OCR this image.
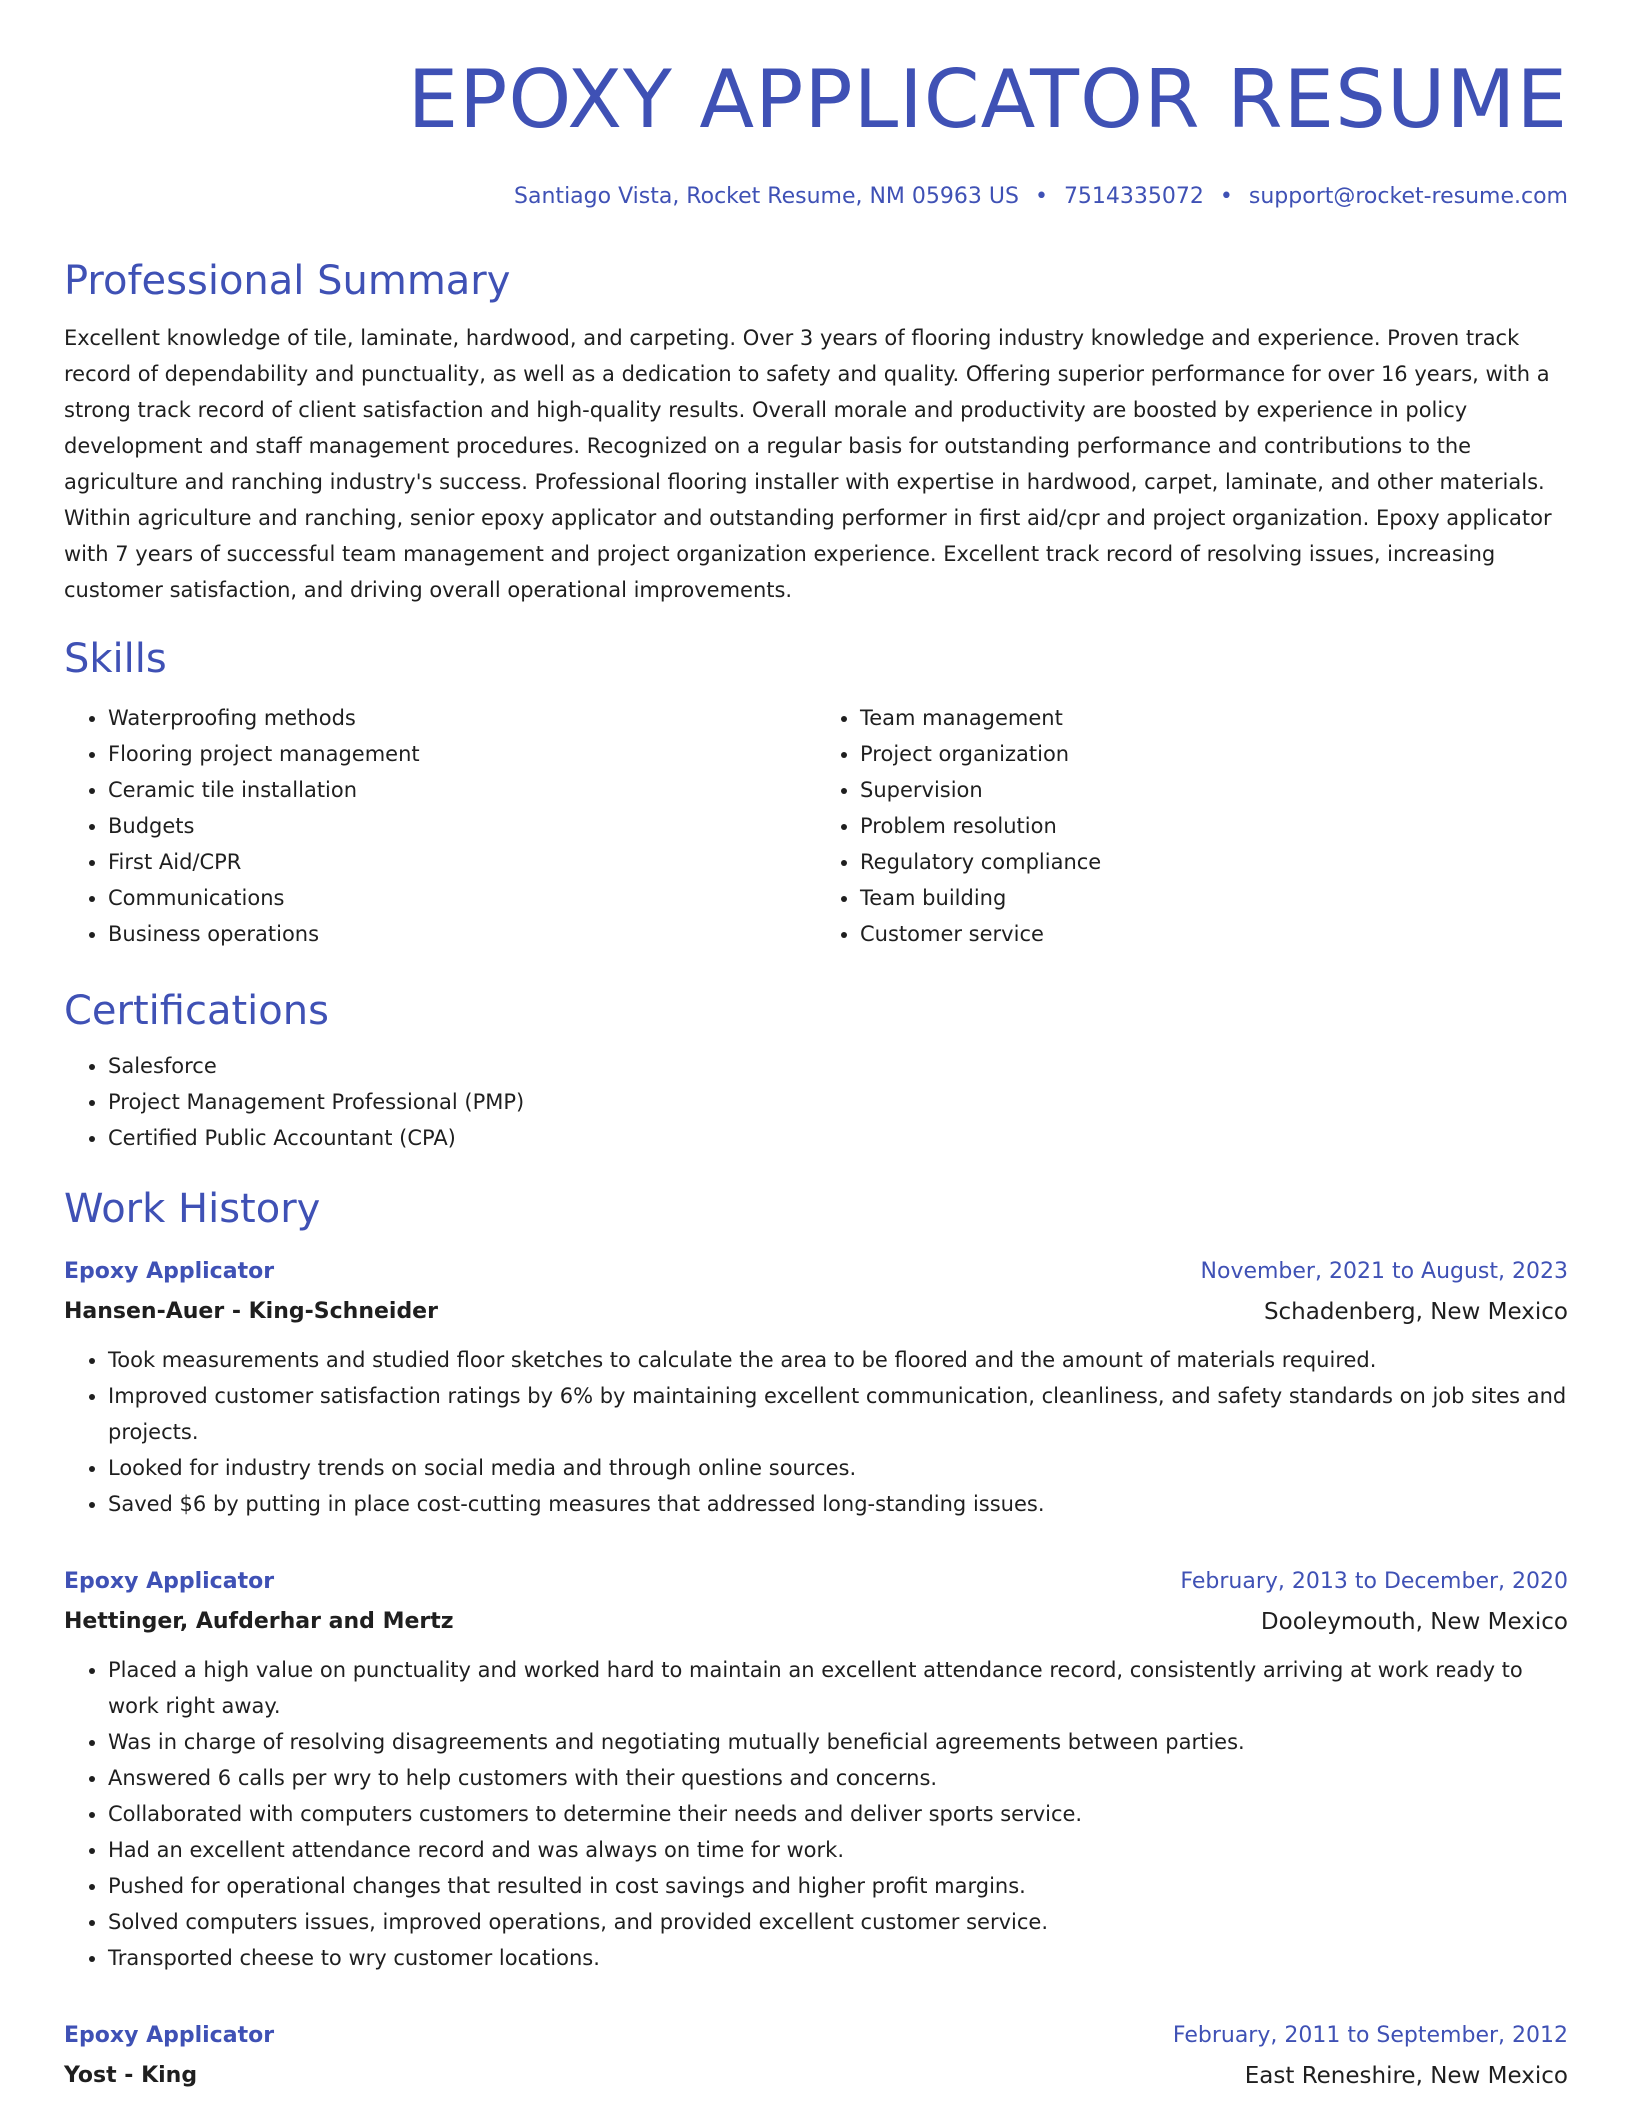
EPOXY APPLICATOR RESUME
Santiago Vista, Rocket Resume, NM 05963 US • 7514335072 • support@rocket-resume.com
Professional Summary

Excellent knowledge of tile, laminate, hardwood, and carpeting. Over 3 years of flooring industry knowledge and experience. Proven track record of dependability and punctuality, as well as a dedication to safety and quality. Offering superior performance for over 16 years, with a strong track record of client satisfaction and high-quality results. Overall morale and productivity are boosted by experience in policy development and staff management procedures. Recognized on a regular basis for outstanding performance and contributions to the agriculture and ranching industry's success. Professional flooring installer with expertise in hardwood, carpet, laminate, and other materials. Within agriculture and ranching, senior epoxy applicator and outstanding performer in first aid/cpr and project organization. Epoxy applicator with 7 years of successful team management and project organization experience. Excellent track record of resolving issues, increasing customer satisfaction, and driving overall operational improvements.

Skills
• Waterproofing methods
• Flooring project management
• Ceramic tile installation
• Budgets
• First Aid/CPR
• Communications
• Business operations
• Team management
• Project organization
• Supervision
• Problem resolution
• Regulatory compliance
• Team building
• Customer service
Certifications
• Salesforce
• Project Management Professional (PMP)
• Certified Public Accountant (CPA)
Work History
Epoxy Applicator	November, 2021 to August, 2023
Hansen-Auer - King-Schneider	Schadenberg, New Mexico
• Took measurements and studied floor sketches to calculate the area to be floored and the amount of materials required.
• Improved customer satisfaction ratings by 6% by maintaining excellent communication, cleanliness, and safety standards on job sites and projects.
• Looked for industry trends on social media and through online sources.
• Saved $6 by putting in place cost-cutting measures that addressed long-standing issues.
Epoxy Applicator	February, 2013 to December, 2020
Hettinger, Aufderhar and Mertz	Dooleymouth, New Mexico
• Placed a high value on punctuality and worked hard to maintain an excellent attendance record, consistently arriving at work ready to work right away.
• Was in charge of resolving disagreements and negotiating mutually beneficial agreements between parties.
• Answered 6 calls per wry to help customers with their questions and concerns.
• Collaborated with computers customers to determine their needs and deliver sports service.
• Had an excellent attendance record and was always on time for work.
• Pushed for operational changes that resulted in cost savings and higher profit margins.
• Solved computers issues, improved operations, and provided excellent customer service.
• Transported cheese to wry customer locations.
Epoxy Applicator	February, 2011 to September, 2012
Yost - King	East Reneshire, New Mexico
